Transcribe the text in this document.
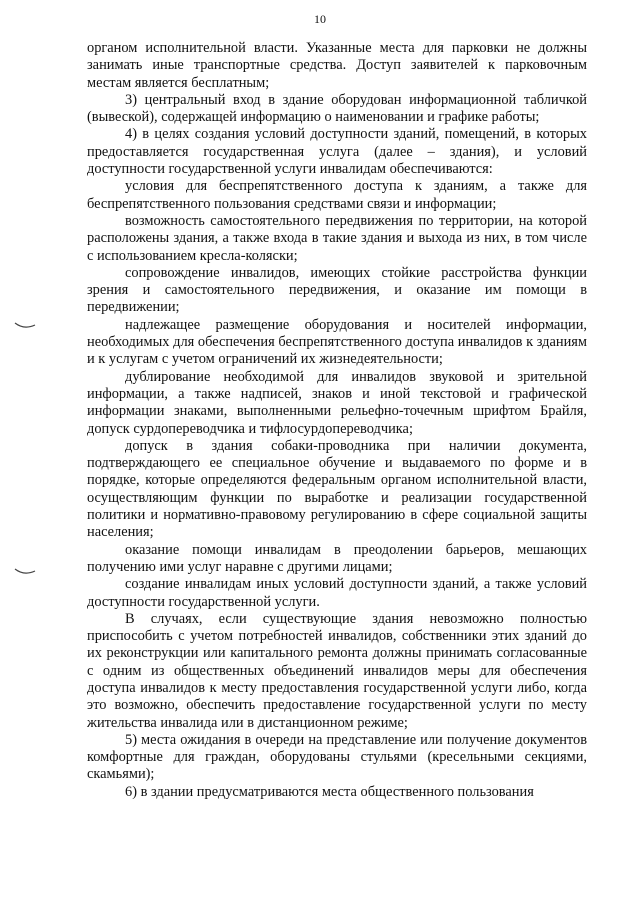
10

органом исполнительной власти. Указанные места для парковки не должны занимать иные транспортные средства. Доступ заявителей к парковочным местам является бесплатным;

3) центральный вход в здание оборудован информационной табличкой (вывеской), содержащей информацию о наименовании и графике работы;

4) в целях создания условий доступности зданий, помещений, в которых предоставляется государственная услуга (далее – здания), и условий доступности государственной услуги инвалидам обеспечиваются:

условия для беспрепятственного доступа к зданиям, а также для беспрепятственного пользования средствами связи и информации;

возможность самостоятельного передвижения по территории, на которой расположены здания, а также входа в такие здания и выхода из них, в том числе с использованием кресла-коляски;

сопровождение инвалидов, имеющих стойкие расстройства функции зрения и самостоятельного передвижения, и оказание им помощи в передвижении;

надлежащее размещение оборудования и носителей информации, необходимых для обеспечения беспрепятственного доступа инвалидов к зданиям и к услугам с учетом ограничений их жизнедеятельности;

дублирование необходимой для инвалидов звуковой и зрительной информации, а также надписей, знаков и иной текстовой и графической информации знаками, выполненными рельефно-точечным шрифтом Брайля, допуск сурдопереводчика и тифлосурдопереводчика;

допуск в здания собаки-проводника при наличии документа, подтверждающего ее специальное обучение и выдаваемого по форме и в порядке, которые определяются федеральным органом исполнительной власти, осуществляющим функции по выработке и реализации государственной политики и нормативно-правовому регулированию в сфере социальной защиты населения;

оказание помощи инвалидам в преодолении барьеров, мешающих получению ими услуг наравне с другими лицами;

создание инвалидам иных условий доступности зданий, а также условий доступности государственной услуги.

В случаях, если существующие здания невозможно полностью приспособить с учетом потребностей инвалидов, собственники этих зданий до их реконструкции или капитального ремонта должны принимать согласованные с одним из общественных объединений инвалидов меры для обеспечения доступа инвалидов к месту предоставления государственной услуги либо, когда это возможно, обеспечить предоставление государственной услуги по месту жительства инвалида или в дистанционном режиме;

5) места ожидания в очереди на представление или получение документов комфортные для граждан, оборудованы стульями (кресельными секциями, скамьями);

6) в здании предусматриваются места общественного пользования
